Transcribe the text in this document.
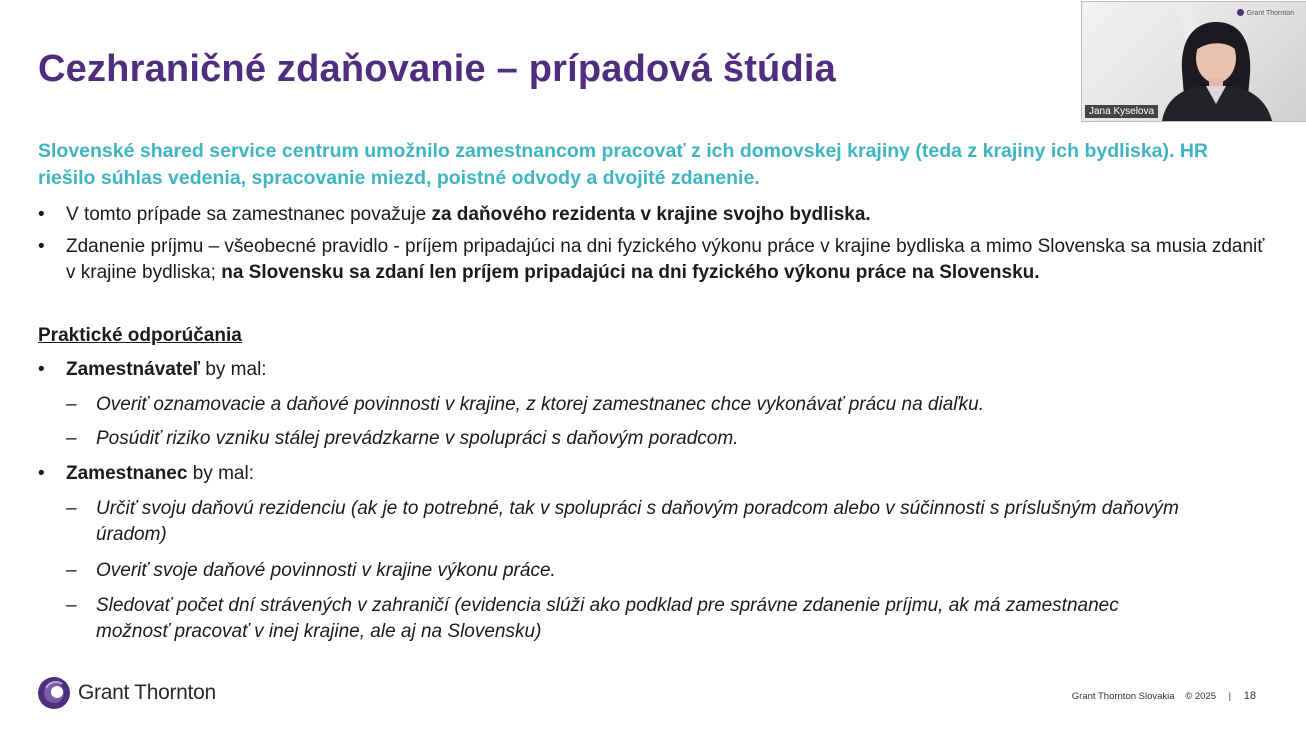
Cezhraničné zdaňovanie – prípadová štúdia
Slovenské shared service centrum umožnilo zamestnancom pracovať z ich domovskej krajiny (teda z krajiny ich bydliska). HR riešilo súhlas vedenia, spracovanie miezd, poistné odvody a dvojité zdanenie.
•	V tomto prípade sa zamestnanec považuje za daňového rezidenta v krajine svojho bydliska.
•	Zdanenie príjmu – všeobecné pravidlo - príjem pripadajúci na dni fyzického výkonu práce v krajine bydliska a mimo Slovenska sa musia zdaniť v krajine bydliska; na Slovensku sa zdaní len príjem pripadajúci na dni fyzického výkonu práce na Slovensku.
Praktické odporúčania
•	Zamestnávateľ by mal:
– Overiť oznamovacie a daňové povinnosti v krajine, z ktorej zamestnanec chce vykonávať prácu na diaľku.
– Posúdiť riziko vzniku stálej prevádzkarne v spolupráci s daňovým poradcom.
•	Zamestnanec by mal:
– Určiť svoju daňovú rezidenciu (ak je to potrebné, tak v spolupráci s daňovým poradcom alebo v súčinnosti s príslušným daňovým úradom)
– Overiť svoje daňové povinnosti v krajine výkonu práce.
– Sledovať počet dní strávených v zahraničí (evidencia slúži ako podklad pre správne zdanenie príjmu, ak má zamestnanec možnosť pracovať v inej krajine, ale aj na Slovensku)
Grant Thornton
Jana Kyselova
Grant Thornton	Grant Thornton Slovakia © 2025 | 18
